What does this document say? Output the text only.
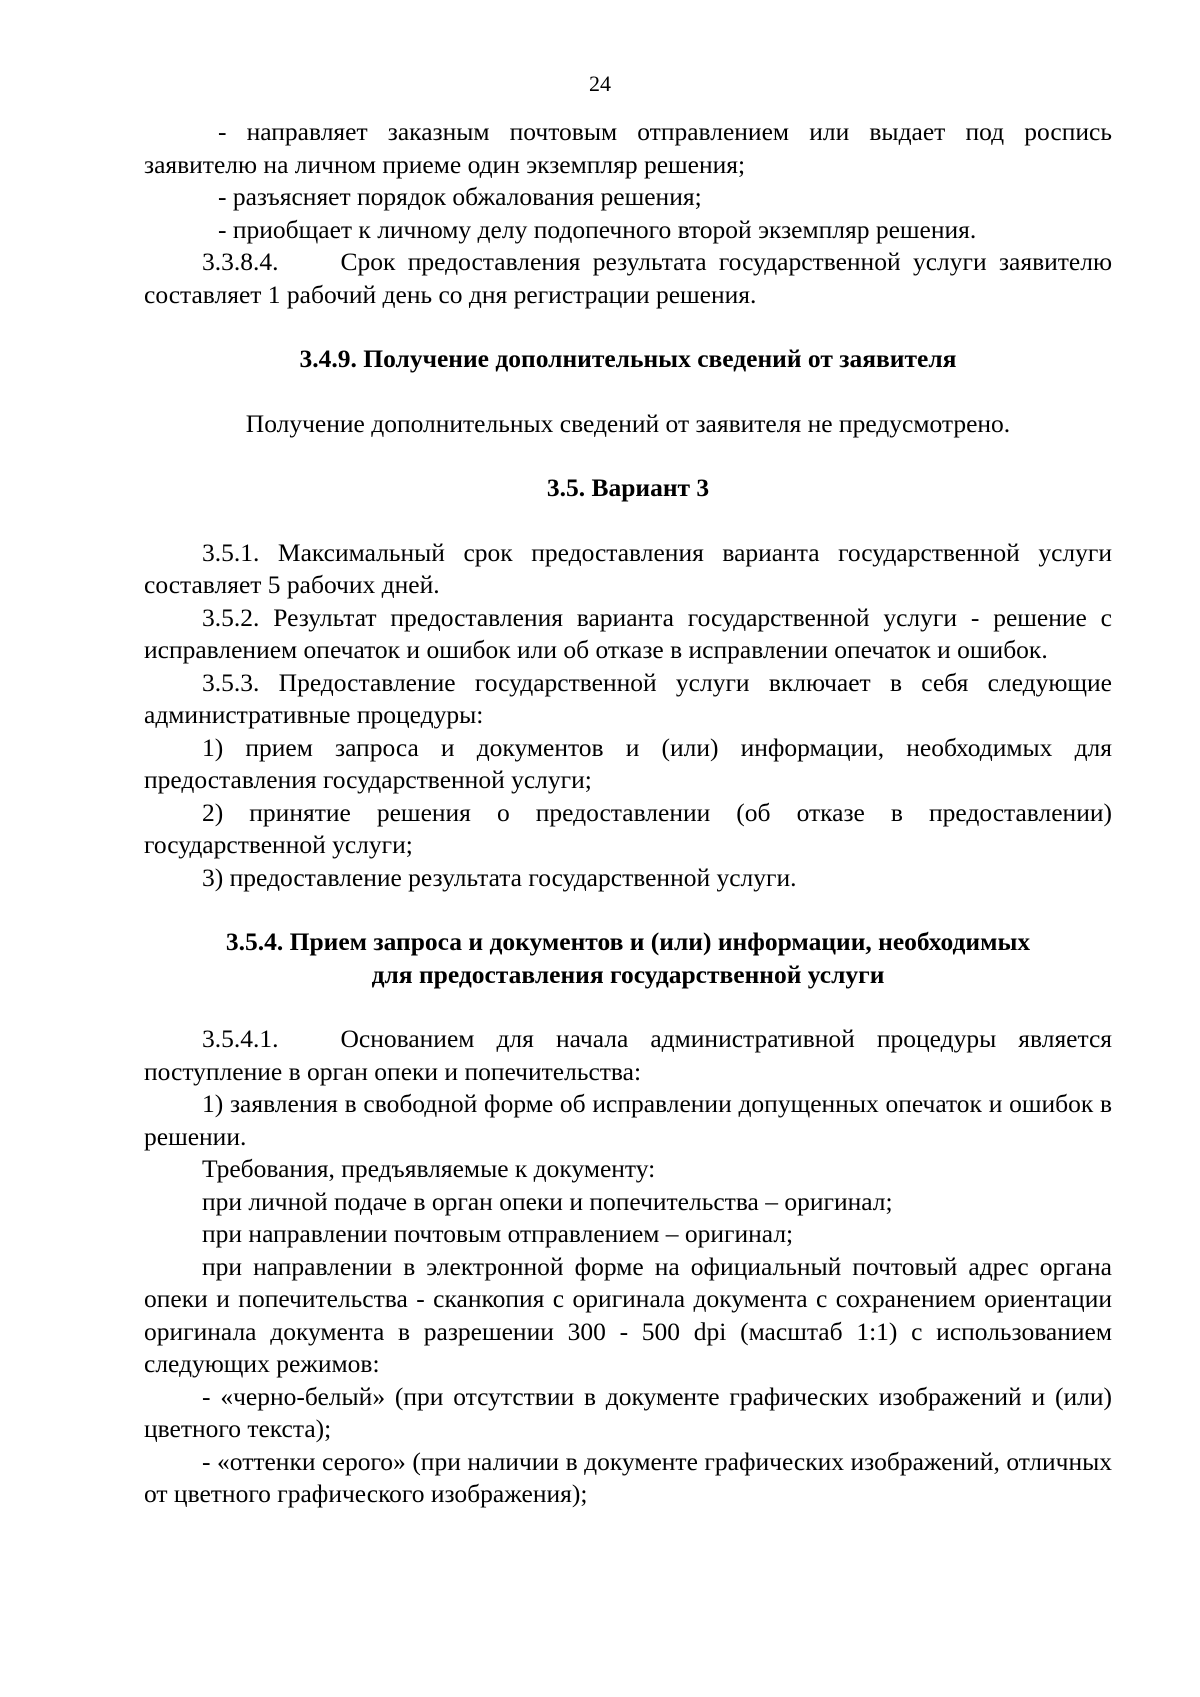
24

- направляет заказным почтовым отправлением или выдает под роспись заявителю на личном приеме один экземпляр решения;

- разъясняет порядок обжалования решения;

- приобщает к личному делу подопечного второй экземпляр решения.

3.3.8.4. Срок предоставления результата государственной услуги заявителю составляет 1 рабочий день со дня регистрации решения.

3.4.9. Получение дополнительных сведений от заявителя

Получение дополнительных сведений от заявителя не предусмотрено.

3.5. Вариант 3

3.5.1. Максимальный срок предоставления варианта государственной услуги составляет 5 рабочих дней.

3.5.2. Результат предоставления варианта государственной услуги - решение с исправлением опечаток и ошибок или об отказе в исправлении опечаток и ошибок.

3.5.3. Предоставление государственной услуги включает в себя следующие административные процедуры:

1) прием запроса и документов и (или) информации, необходимых для предоставления государственной услуги;

2) принятие решения о предоставлении (об отказе в предоставлении) государственной услуги;

3) предоставление результата государственной услуги.

3.5.4. Прием запроса и документов и (или) информации, необходимых
для предоставления государственной услуги

3.5.4.1. Основанием для начала административной процедуры является поступление в орган опеки и попечительства:

1) заявления в свободной форме об исправлении допущенных опечаток и ошибок в решении.

Требования, предъявляемые к документу:

при личной подаче в орган опеки и попечительства – оригинал;

при направлении почтовым отправлением – оригинал;

при направлении в электронной форме на официальный почтовый адрес органа опеки и попечительства - сканкопия с оригинала документа с сохранением ориентации оригинала документа в разрешении 300 - 500 dpi (масштаб 1:1) с использованием следующих режимов:

- «черно-белый» (при отсутствии в документе графических изображений и (или) цветного текста);

- «оттенки серого» (при наличии в документе графических изображений, отличных от цветного графического изображения);
